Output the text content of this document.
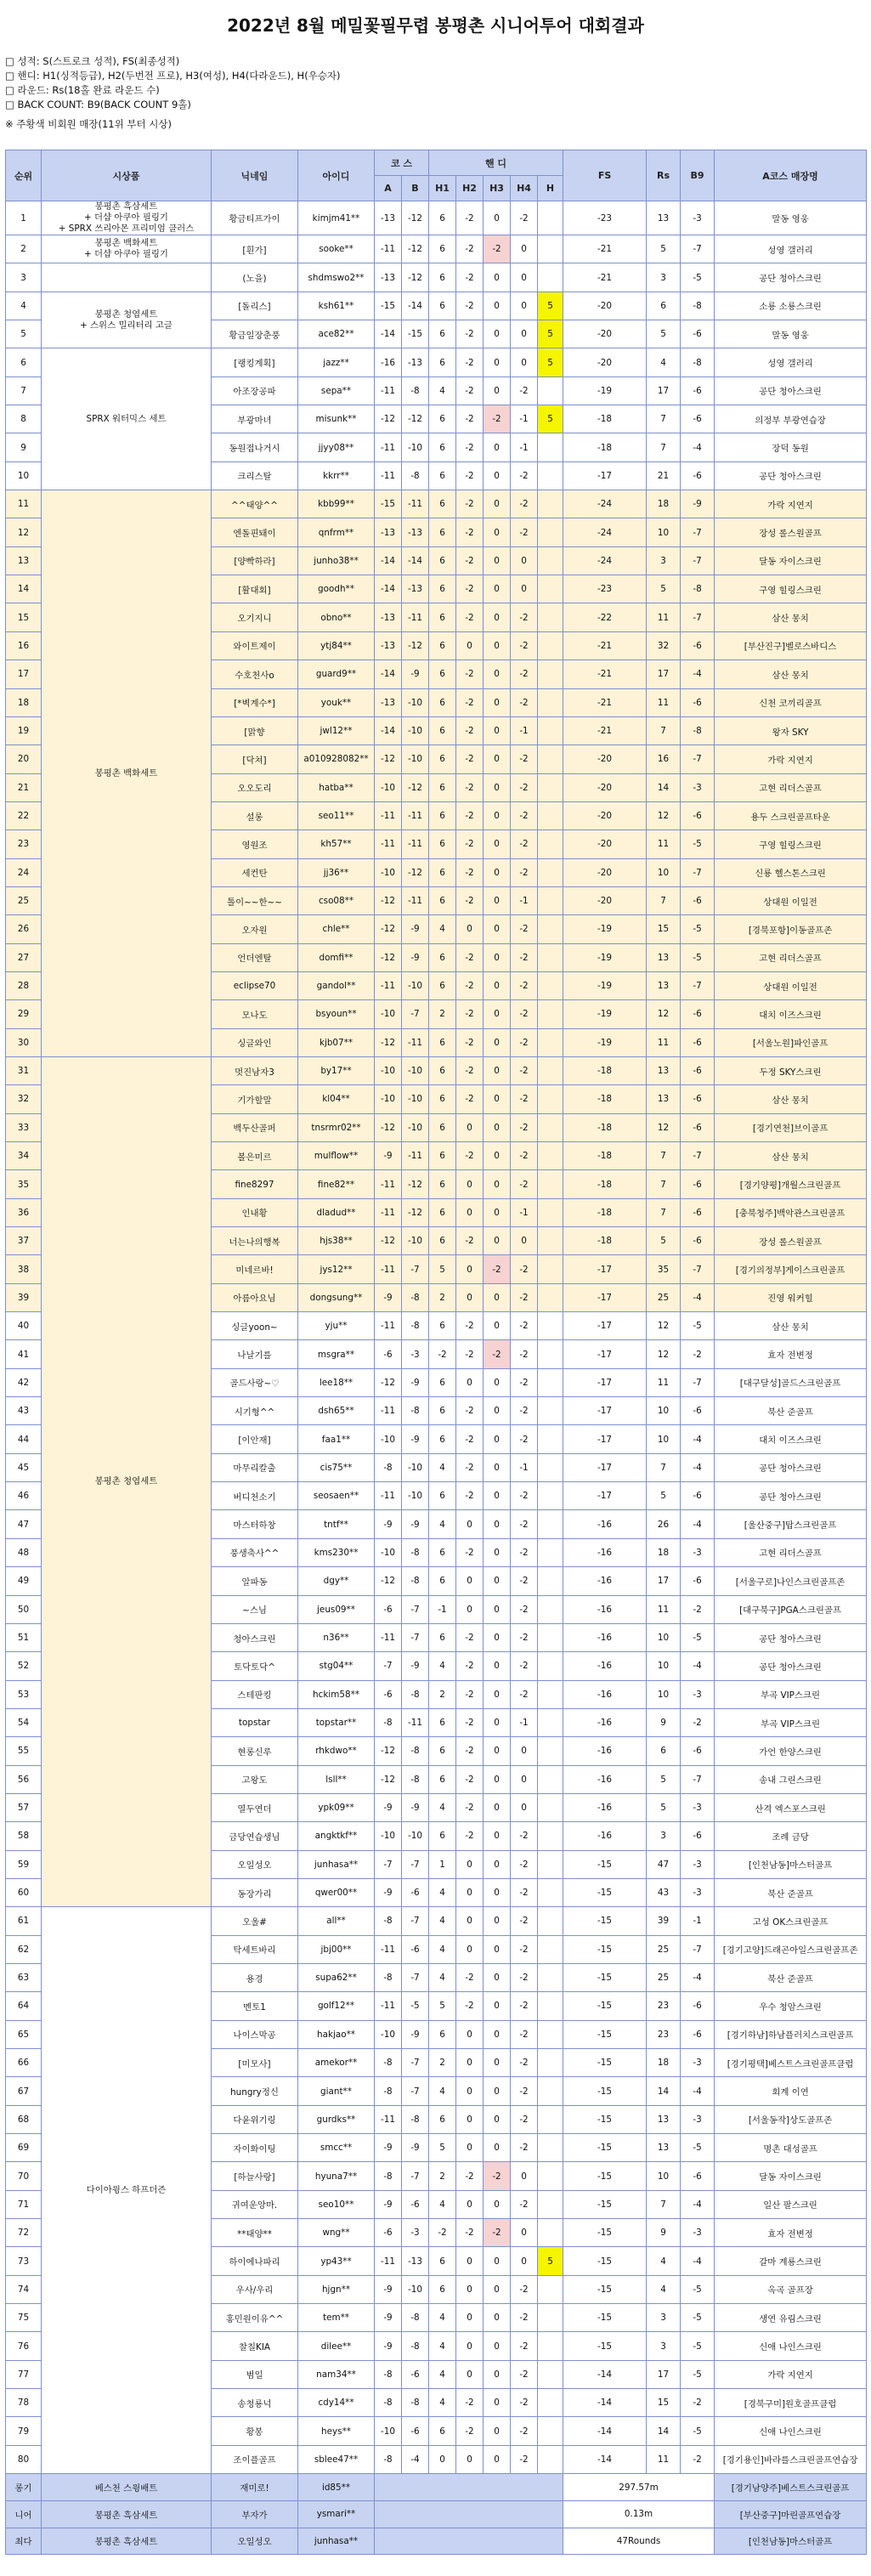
2022년 8월 메밀꽃필무렵 봉평촌 시니어투어 대회결과
□ 성적: S(스트로크 성적), FS(최종성적)
□ 핸디: H1(싱적등급), H2(두번전 프로), H3(여성), H4(다라운드), H(우승자)
□ 라운드: Rs(18홀 완료 라운드 수)
□ BACK COUNT: B9(BACK COUNT 9홀)
※ 주황색 비회원 매장(11위 부터 시상)
순위	시상품	닉네임	아이디	코 스		핸 디					FS	Rs	B9	A코스 매장명
				A	B	H1	H2	H3	H4	H				
1	봉평촌 흑삼세트
+ 더샵 아쿠아 필링기
+ SPRX 쓰리아몬 프리미엄 클러스	황금티프가이	kimjm41**	-13	-12	6	-2	0	-2		-23	13	-3	말동 영웅
2	봉평촌 백화세트
+ 더샵 아쿠아 필링기	[흰가]	sooke**	-11	-12	6	-2	-2	0		-21	5	-7	성영 갤러리
3		(노을)	shdmswo2**	-13	-12	6	-2	0	0		-21	3	-5	공단 청아스크린
4	봉평촌 청엽세트
+ 스위스 밀리터리 고글	[돌리스]	ksh61**	-15	-14	6	-2	0	0	5	-20	6	-8	소룡 소룡스크린
5		황금일장춘풍	ace82**	-14	-15	6	-2	0	0	5	-20	5	-6	말동 영웅
6	SPRX 워터믹스 세트	[랭킹계획]	jazz**	-16	-13	6	-2	0	0	5	-20	4	-8	성영 갤러리
7		아조장공파	sepa**	-11	-8	4	-2	0	-2		-19	17	-6	공단 청아스크린
8		부광마녀	misunk**	-12	-12	6	-2	-2	-1	5	-18	7	-6	의정부 부광연습장
9		동원접나거시	jjyy08**	-11	-10	6	-2	0	-1		-18	7	-4	장덕 동원
10		크리스탈	kkrr**	-11	-8	6	-2	0	-2		-17	21	-6	공단 청아스크린
11	봉평촌 백화세트	^^태양^^	kbb99**	-15	-11	6	-2	0	-2		-24	18	-9	가락 지연지
12		엔돌핀돼이	qnfrm**	-13	-13	6	-2	0	-2		-24	10	-7	장성 롤스원골프
13		[양빡하라]	junho38**	-14	-14	6	-2	0	0		-24	3	-7	달동 자이스크린
14		[활대회]	goodh**	-14	-13	6	-2	0	0		-23	5	-8	구영 힐링스크린
15		오기지니	obno**	-13	-11	6	-2	0	-2		-22	11	-7	삼산 몽치
16		와이트제이	ytj84**	-13	-12	6	0	0	-2		-21	32	-6	[부산진구]벨로스바디스
17		수호천사o	guard9**	-14	-9	6	-2	0	-2		-21	17	-4	삼산 몽치
18		[*벽계수*]	youk**	-13	-10	6	-2	0	-2		-21	11	-6	신천 코끼리골프
19		[맑향	jwl12**	-14	-10	6	-2	0	-1		-21	7	-8	왕자 SKY
20		[닥쳐]	a010928082**	-12	-10	6	-2	0	-2		-20	16	-7	가락 지연지
21		오오도리	hatba**	-10	-12	6	-2	0	-2		-20	14	-3	고현 리더스골프
22		설롱	seo11**	-11	-11	6	-2	0	-2		-20	12	-6	용두 스크린골프타운
23		영원조	kh57**	-11	-11	6	-2	0	-2		-20	11	-5	구영 힐링스크린
24		세컨탄	jj36**	-10	-12	6	-2	0	-2		-20	10	-7	신룡 헬스톤스크린
25		톨이~~한~~	cso08**	-12	-11	6	-2	0	-1		-20	7	-6	상대원 이일전
26		오자원	chle**	-12	-9	4	0	0	-2		-19	15	-5	[경북포항]이동골프존
27		언더엔탈	domfi**	-12	-9	6	-2	0	-2		-19	13	-5	고현 리더스골프
28		eclipse70	gandol**	-11	-10	6	-2	0	-2		-19	13	-7	상대원 이일전
29		모나도	bsyoun**	-10	-7	2	-2	0	-2		-19	12	-6	대치 이즈스크린
30		싱글와인	kjb07**	-12	-11	6	-2	0	-2		-19	11	-6	[서울노원]파인골프
31	봉평촌 청엽세트	멋진남자3	by17**	-10	-10	6	-2	0	-2		-18	13	-6	두정 SKY스크린
32		기가할말	kl04**	-10	-10	6	-2	0	-2		-18	13	-6	삼산 몽치
33		백두산골퍼	tnsrmr02**	-12	-10	6	0	0	-2		-18	12	-6	[경기연천]브이골프
34		볼은미르	mulflow**	-9	-11	6	-2	0	-2		-18	7	-7	삼산 몽치
35		fine8297	fine82**	-11	-12	6	0	0	-2		-18	7	-6	[경기양평]개월스크린골프
36		인내황	dladud**	-11	-12	6	0	0	-1		-18	7	-6	[충북청주]백악관스크린골프
37		너는나의행복	hjs38**	-12	-10	6	-2	0	0		-18	5	-6	장성 롤스원골프
38		미네르바!	jys12**	-11	-7	5	0	-2	-2		-17	35	-7	[경기의정부]게이스크린골프
39		아름아요님	dongsung**	-9	-8	2	0	0	-2		-17	25	-4	진영 워커힐
40		싱글yoon~	yju**	-11	-8	6	-2	0	-2		-17	12	-5	삼산 몽치
41		나날기를	msgra**	-6	-3	-2	-2	-2	-2		-17	12	-2	효자 전변정
42		골드사랑~♡	lee18**	-12	-9	6	0	0	-2		-17	11	-7	[대구달성]골드스크린골프
43		시기형^^	dsh65**	-11	-8	6	-2	0	-2		-17	10	-6	북산 준골프
44		[이안재]	faa1**	-10	-9	6	-2	0	-2		-17	10	-4	대치 이즈스크린
45		마무리칼출	cis75**	-8	-10	4	-2	0	-1		-17	7	-4	공단 청아스크린
46		버디천소기	seosaen**	-11	-10	6	-2	0	-2		-17	5	-6	공단 청아스크린
47		마스터하창	tntf**	-9	-9	4	0	0	-2		-16	26	-4	[울산중구]탑스크린골프
48		풍생축사^^	kms230**	-10	-8	6	-2	0	-2		-16	18	-3	고현 리더스골프
49		알파동	dgy**	-12	-8	6	0	0	-2		-16	17	-6	[서울구로]나인스크린골프존
50		~스님	jeus09**	-6	-7	-1	0	0	-2		-16	11	-2	[대구북구]PGA스크린골프
51		청아스크린	n36**	-11	-7	6	-2	0	-2		-16	10	-5	공단 청아스크린
52		토닥토닥^	stg04**	-7	-9	4	-2	0	-2		-16	10	-4	공단 청아스크린
53		스테판킹	hckim58**	-6	-8	2	-2	0	-2		-16	10	-3	부곡 VIP스크린
54		topstar	topstar**	-8	-11	6	-2	0	-1		-16	9	-2	부곡 VIP스크린
55		현롱신루	rhkdwo**	-12	-8	6	-2	0	0		-16	6	-6	가언 한양스크린
56		고왕도	lsll**	-12	-8	6	-2	0	0		-16	5	-7	송내 그린스크린
57		열두연더	ypk09**	-9	-9	4	-2	0	0		-16	5	-3	산격 엑스포스크린
58		금당연습생님	angktkf**	-10	-10	6	-2	0	-2		-16	3	-6	조례 금당
59		오일성오	junhasa**	-7	-7	1	0	0	-2		-15	47	-3	[인천남동]마스터골프
60		동장가리	qwer00**	-9	-6	4	0	0	-2		-15	43	-3	북산 준골프
61	다이아윙스 하프더즌	오울#	all**	-8	-7	4	0	0	-2		-15	39	-1	고성 OK스크린골프
62		탁세트바리	jbj00**	-11	-6	4	0	0	-2		-15	25	-7	[경기고양]드래곤아일스크린골프존
63		용경	supa62**	-8	-7	4	-2	0	-2		-15	25	-4	북산 준골프
64		멘토1	golf12**	-11	-5	5	-2	0	-2		-15	23	-6	우수 청암스크린
65		나이스막공	hakjao**	-10	-9	6	0	0	-2		-15	23	-6	[경기하남]하남플러치스크린골프
66		[미모사]	amekor**	-8	-7	2	0	0	-2		-15	18	-3	[경기평택]베스트스크린골프클럽
67		hungry정신	giant**	-8	-7	4	0	0	-2		-15	14	-4	회계 이연
68		다윤위기링	gurdks**	-11	-8	6	0	0	-2		-15	13	-3	[서울동작]상도골프존
69		자이화이팅	smcc**	-9	-9	5	0	0	-2		-15	13	-5	명촌 대성골프
70		[하늘사랑]	hyuna7**	-8	-7	2	-2	-2	0		-15	10	-6	달동 자이스크린
71		귀여운앙마.	seo10**	-9	-6	4	0	0	-2		-15	7	-4	일산 팔스크린
72		**태양**	wng**	-6	-3	-2	-2	-2	0		-15	9	-3	효자 전변정
73		하이에나파리	yp43**	-11	-13	6	0	0	0	5	-15	4	-4	갈마 계룡스크린
74		우사/우리	hjgn**	-9	-10	6	0	0	-2		-15	4	-5	옥곡 골프장
75		홍민원이유^^	tem**	-9	-8	4	0	0	-2		-15	3	-5	생연 유림스크린
76		찰칠KIA	dilee**	-9	-8	4	0	0	-2		-15	3	-5	신애 나인스크린
77		범일	nam34**	-8	-6	4	0	0	-2		-14	17	-5	가락 지연지
78		송청룡넉	cdy14**	-8	-8	4	-2	0	-2		-14	15	-2	[경북구미]원호골프클럽
79		황봉	heys**	-10	-6	6	-2	0	-2		-14	14	-5	신애 나인스크린
80		조이플골프	sblee47**	-8	-4	0	0	0	-2		-14	11	-2	[경기용인]바라를스크린골프연습장
롱기	베스천 스윙배트	재미로!	id85**								297.57m			[경기남양주]베스트스크린골프
니어	봉평촌 흑삼세트	부자가	ysmari**								0.13m			[부산중구]마린골프연습장
최다	봉평촌 흑삼세트	오일성오	junhasa**								47Rounds			[인천남동]마스터골프
